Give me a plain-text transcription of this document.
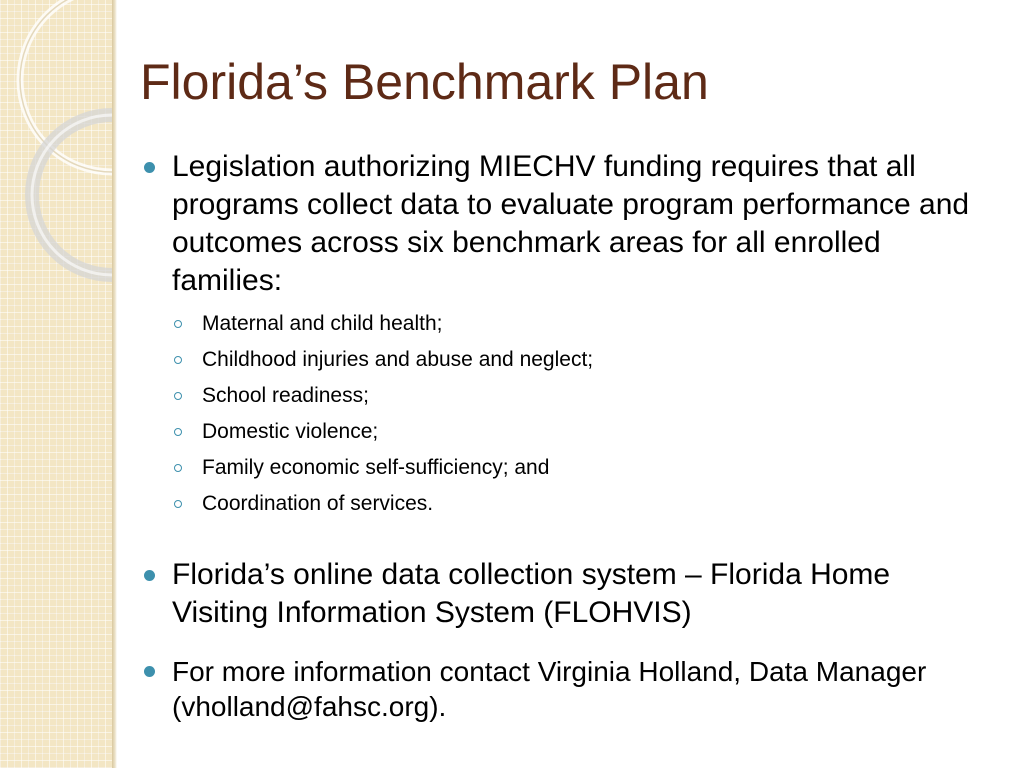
Florida’s Benchmark Plan
Legislation authorizing MIECHV funding requires that all programs collect data to evaluate program performance and outcomes across six benchmark areas for all enrolled families:
Maternal and child health;
Childhood injuries and abuse and neglect;
School readiness;
Domestic violence;
Family economic self-sufficiency; and
Coordination of services.
Florida’s online data collection system – Florida Home Visiting Information System (FLOHVIS)
For more information contact Virginia Holland, Data Manager (vholland@fahsc.org).
